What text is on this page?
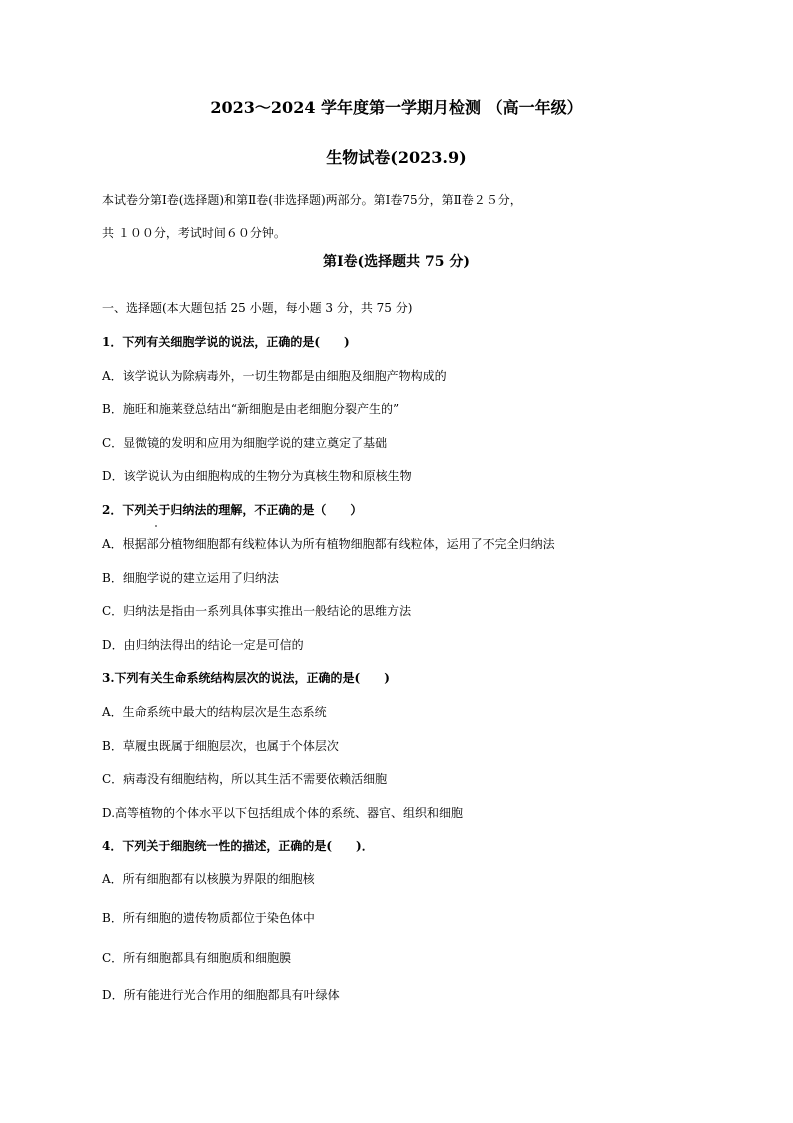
2023～2024 学年度第一学期月检测 （高一年级）
生物试卷(2023.9)
本试卷分第Ⅰ卷(选择题)和第Ⅱ卷(非选择题)两部分。第Ⅰ卷75分，第Ⅱ卷２５分，
共 １００分，考试时间６０分钟。
第Ⅰ卷(选择题共 75 分)
一、选择题(本大题包括 25 小题，每小题 3 分，共 75 分)
1．下列有关细胞学说的说法，正确的是(　　)
A．该学说认为除病毒外，一切生物都是由细胞及细胞产物构成的
B．施旺和施莱登总结出“新细胞是由老细胞分裂产生的”
C．显微镜的发明和应用为细胞学说的建立奠定了基础
D．该学说认为由细胞构成的生物分为真核生物和原核生物
2．下列关于归纳法的理解，不正确的是（　　）
A．根据部分植物细胞都有线粒体认为所有植物细胞都有线粒体，运用了不完全归纳法
B．细胞学说的建立运用了归纳法
C．归纳法是指由一系列具体事实推出一般结论的思维方法
D．由归纳法得出的结论一定是可信的
3.下列有关生命系统结构层次的说法，正确的是(　　)
A．生命系统中最大的结构层次是生态系统
B．草履虫既属于细胞层次，也属于个体层次
C．病毒没有细胞结构，所以其生活不需要依赖活细胞
D.高等植物的个体水平以下包括组成个体的系统、器官、组织和细胞
4．下列关于细胞统一性的描述，正确的是(　　)．
A．所有细胞都有以核膜为界限的细胞核
B．所有细胞的遗传物质都位于染色体中
C．所有细胞都具有细胞质和细胞膜
D．所有能进行光合作用的细胞都具有叶绿体
